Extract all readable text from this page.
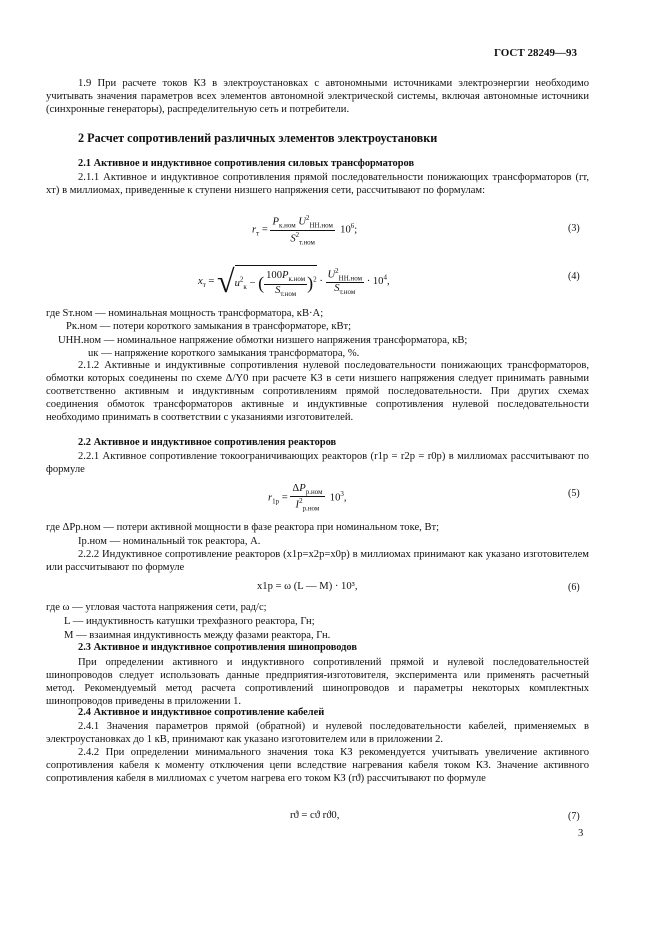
ГОСТ 28249—93
1.9 При расчете токов КЗ в электроустановках с автономными источниками электроэнергии необходимо учитывать значения параметров всех элементов автономной электрической системы, включая автономные источники (синхронные генераторы), распределительную сеть и потребители.
2 Расчет сопротивлений различных элементов электроустановки
2.1 Активное и индуктивное сопротивления силовых трансформаторов
2.1.1 Активное и индуктивное сопротивления прямой последовательности понижающих трансформаторов (rт, xт) в миллиомах, приведенные к ступени низшего напряжения сети, рассчитывают по формулам:
$r_т = \frac{P_{к.ном} U^2_{НН.ном}}{S^2_{т.ном}} 10^6$;	(3)
$x_т = √u^2_к$ − ( $\frac{100P_{к.ном}}{S_{т.ном}} )^2 \cdot \frac{U^2_{НН.ном}}{S_{т.ном}} \cdot 10^4$,	(4)
где Sт.ном — номинальная мощность трансформатора, кВ·А;
Pк.ном — потери короткого замыкания в трансформаторе, кВт;
UНН.ном — номинальное напряжение обмотки низшего напряжения трансформатора, кВ;
uк — напряжение короткого замыкания трансформатора, %.
2.1.2 Активные и индуктивные сопротивления нулевой последовательности понижающих трансформаторов, обмотки которых соединены по схеме Δ/Y0 при расчете КЗ в сети низшего напряжения следует принимать равными соответственно активным и индуктивным сопротивлениям прямой последовательности. При других схемах соединения обмоток трансформаторов активные и индуктивные сопротивления нулевой последовательности необходимо принимать в соответствии с указаниями изготовителей.
2.2 Активное и индуктивное сопротивления реакторов
2.2.1 Активное сопротивление токоограничивающих реакторов (r1р = r2р = r0р) в миллиомах рассчитывают по формуле
$r_{1р} = \frac{\Delta P_{р.ном}}{I^2_{р.ном}} 10^3$,	(5)
где ΔPр.ном — потери активной мощности в фазе реактора при номинальном токе, Вт;
Iр.ном — номинальный ток реактора, А.
2.2.2 Индуктивное сопротивление реакторов (x1р=x2р=x0р) в миллиомах принимают как указано изготовителем или рассчитывают по формуле
x1р = ω (L — M) · 10³,	(6)
где ω — угловая частота напряжения сети, рад/с;
L — индуктивность катушки трехфазного реактора, Гн;
M — взаимная индуктивность между фазами реактора, Гн.
2.3 Активное и индуктивное сопротивления шинопроводов
При определении активного и индуктивного сопротивлений прямой и нулевой последовательностей шинопроводов следует использовать данные предприятия-изготовителя, эксперимента или применять расчетный метод. Рекомендуемый метод расчета сопротивлений шинопроводов и параметры некоторых комплектных шинопроводов приведены в приложении 1.
2.4 Активное и индуктивное сопротивление кабелей
2.4.1 Значения параметров прямой (обратной) и нулевой последовательности кабелей, применяемых в электроустановках до 1 кВ, принимают как указано изготовителем или в приложении 2.
2.4.2 При определении минимального значения тока КЗ рекомендуется учитывать увеличение активного сопротивления кабеля к моменту отключения цепи вследствие нагревания кабеля током КЗ. Значение активного сопротивления кабеля в миллиомах с учетом нагрева его током КЗ (rϑ) рассчитывают по формуле
rϑ = cϑ rϑ0,	(7)
3
